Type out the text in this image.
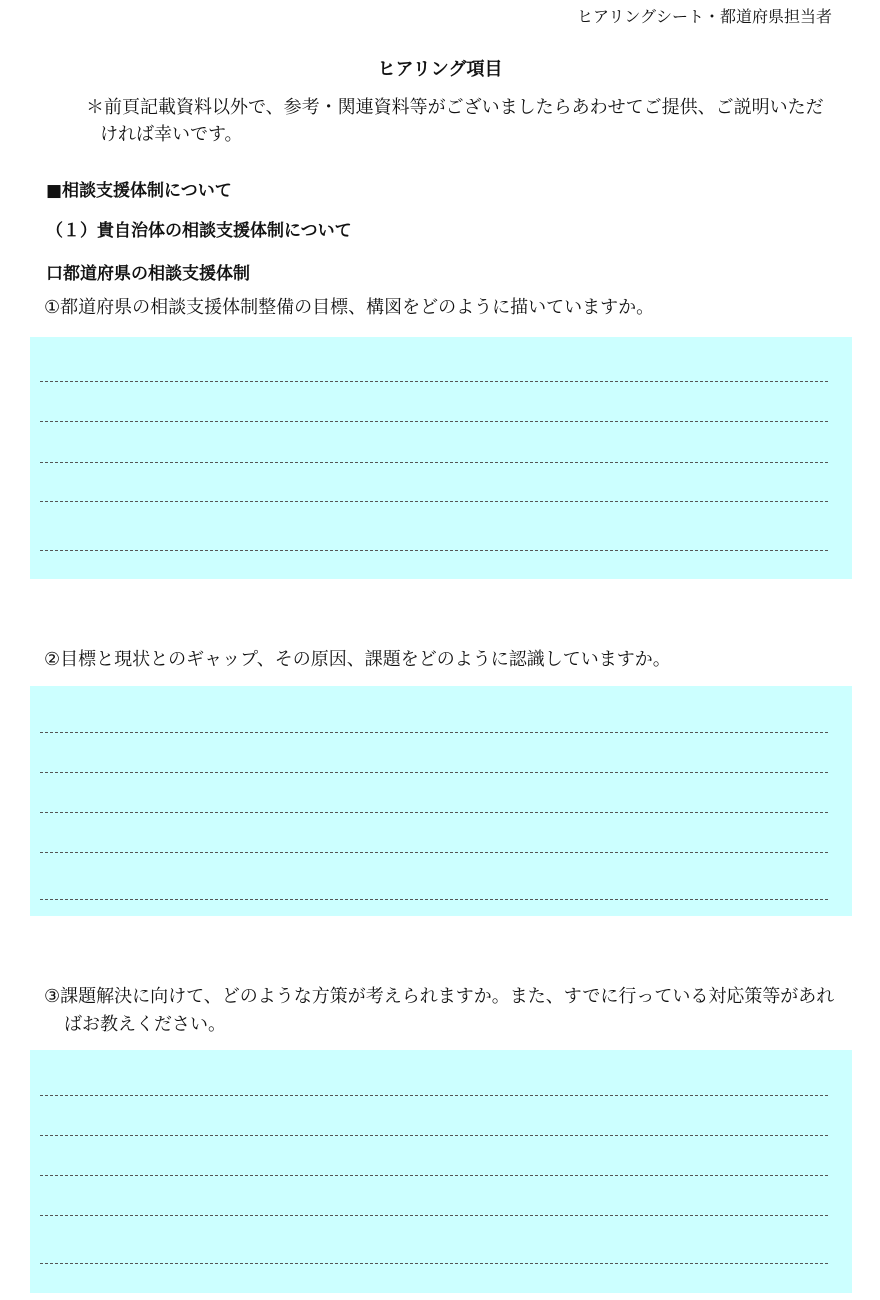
ヒアリングシート・都道府県担当者
ヒアリング項目
＊前頁記載資料以外で、参考・関連資料等がございましたらあわせてご提供、ご説明いただければ幸いです。
■相談支援体制について
（１）貴自治体の相談支援体制について
口都道府県の相談支援体制
①都道府県の相談支援体制整備の目標、構図をどのように描いていますか。
②目標と現状とのギャップ、その原因、課題をどのように認識していますか。
③課題解決に向けて、どのような方策が考えられますか。また、すでに行っている対応策等があればお教えください。
